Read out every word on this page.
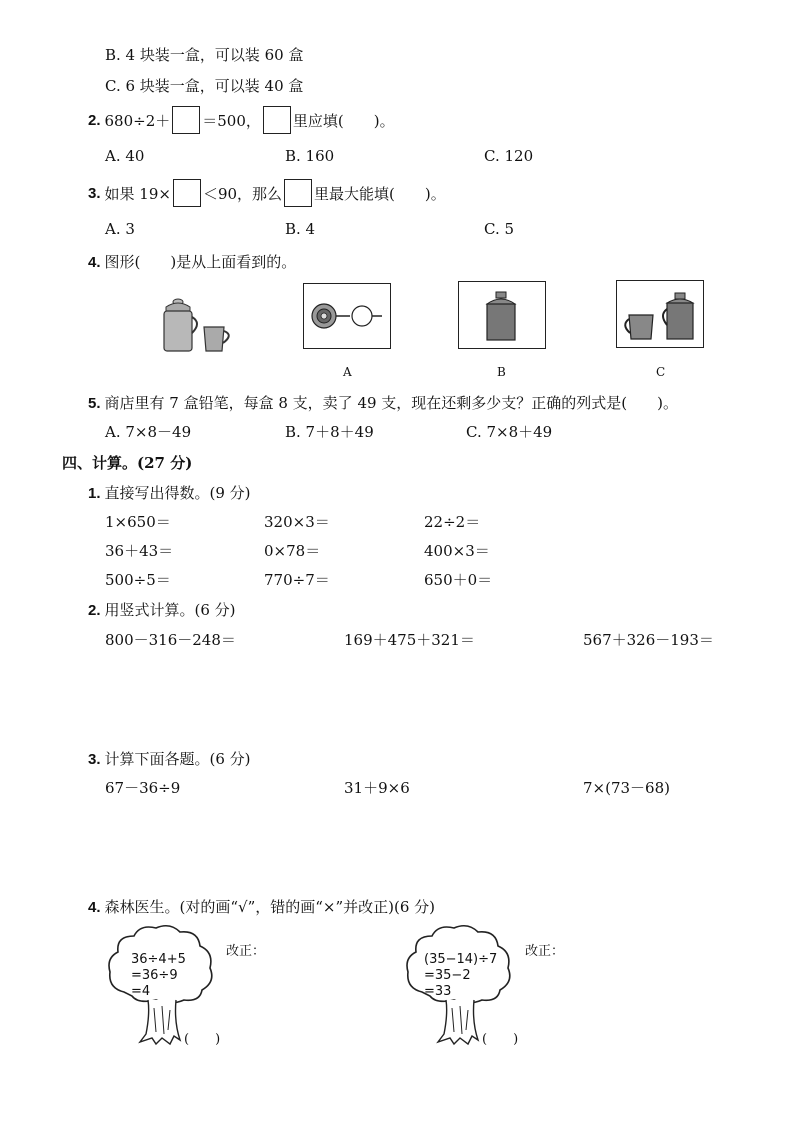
B. 4 块装一盒，可以装 60 盒
C. 6 块装一盒，可以装 40 盒
2. 680÷2＋ ＝500， 里应填(　　)。
A. 40	B. 160	C. 120
3. 如果 19× ＜90，那么 里最大能填(　　)。
A. 3	B. 4	C. 5
4. 图形(　　)是从上面看到的。
A	B	C
5. 商店里有 7 盒铅笔，每盒 8 支，卖了 49 支，现在还剩多少支？正确的列式是(　　)。
A. 7×8－49	B. 7＋8＋49	C. 7×8＋49
四、计算。(27 分)
1. 直接写出得数。(9 分)
1×650＝	320×3＝	22÷2＝
36＋43＝	0×78＝	400×3＝
500÷5＝	770÷7＝	650＋0＝
2. 用竖式计算。(6 分)
800－316－248＝	169＋475＋321＝	567＋326－193＝
3. 计算下面各题。(6 分)
67－36÷9	31＋9×6	7×(73－68)
4. 森林医生。(对的画“√”，错的画“×”并改正)(6 分)
36÷4+5
=36÷9
=4
(　　)
改正：
(35−14)÷7
=35−2
=33
(　　)
改正：
